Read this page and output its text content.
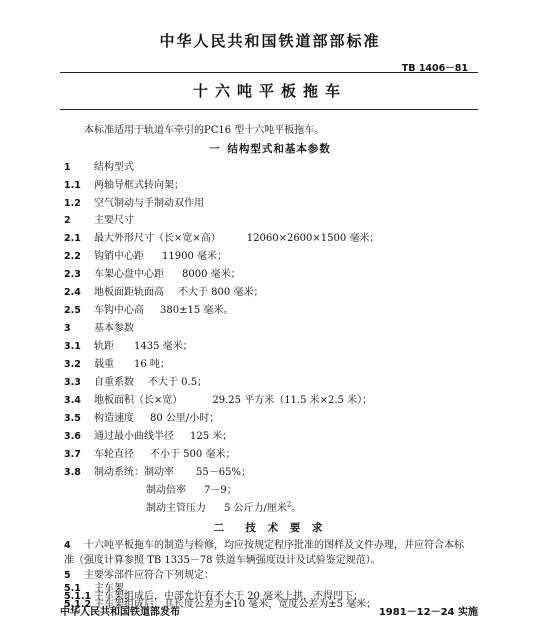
中华人民共和国铁道部部标准
TB 1406－81
十六吨平板拖车
本标准适用于轨道车牵引的PC16 型十六吨平板拖车。
一 结构型式和基本参数
1 结构型式
1.1 两轴导框式转向架；
1.2 空气制动与手制动双作用
2 主要尺寸
2.1 最大外形尺寸（长×宽×高）	12060×2600×1500 毫米；
2.2 钩销中心距 11900 毫米；
2.3 车架心盘中心距 8000 毫米；
2.4 地板面距轨面高 不大于 800 毫米；
2.5 车钩中心高 380±15 毫米。
3 基本参数
3.1 轨距 1435 毫米；
3.2 载重 16 吨；
3.3 自重系数 不大于 0.5；
3.4 地板面积（长×宽）	29.25 平方米（11.5 米×2.5 米）；
3.5 构造速度 80 公里/小时；
3.6 通过最小曲线半径 125 米；
3.7 车轮直径 不小于 500 毫米；
3.8 制动系统：制动率 55－65%；
制动倍率 7－9；
制动主管压力 5 公斤力/厘米$^2$。
二 技 术 要 求
4 十六吨平板拖车的制造与检修，均应按规定程序批准的图样及文件办理，并应符合本标
准（强度计算参照 TB 1335－78 铁道车辆强度设计及试验鉴定规范）。
5 主要零部件应符合下列规定：
5.1 主车架
5.1.1 主车架组成后，中部允许有不大于 20 毫米上拱，不得凹下；
5.1.2 主车架组成后，其长度公差为±10 毫米，宽度公差为±5 毫米；
中华人民共和国铁道部发布	1981－12－24 实施
